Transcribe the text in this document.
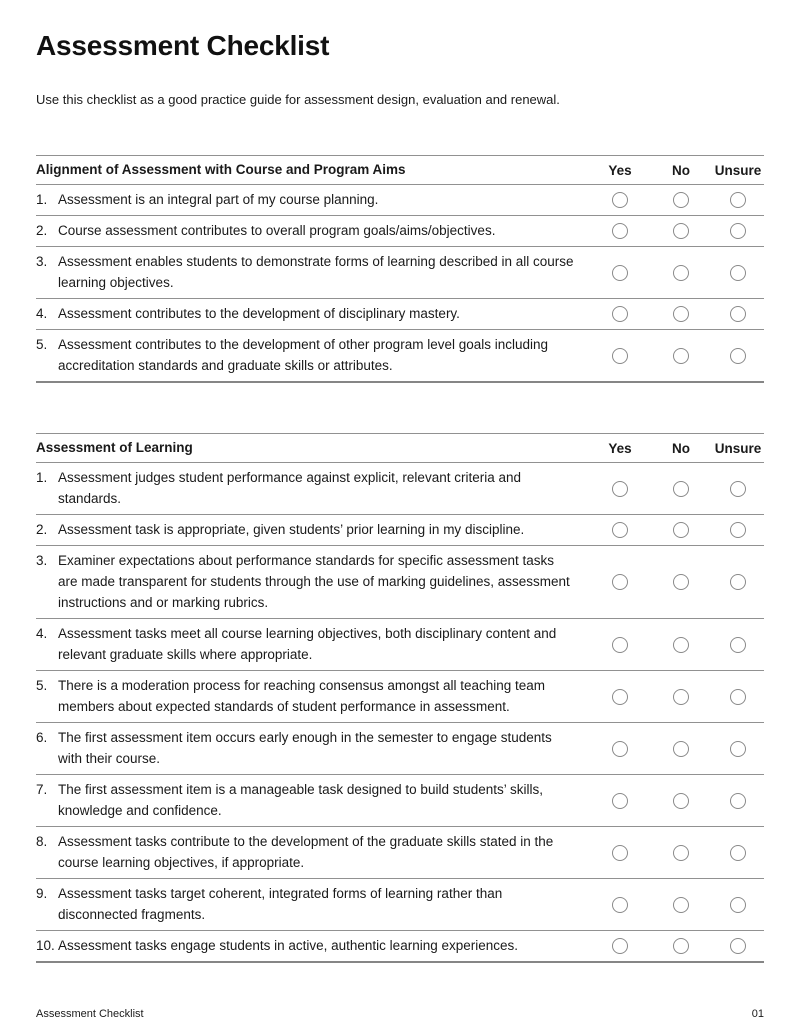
Assessment Checklist

Use this checklist as a good practice guide for assessment design, evaluation and renewal.

Alignment of Assessment with Course and Program Aims	Yes	No	Unsure
1. Assessment is an integral part of my course planning.
2. Course assessment contributes to overall program goals/aims/objectives.
3. Assessment enables students to demonstrate forms of learning described in all course learning objectives.
4. Assessment contributes to the development of disciplinary mastery.
5. Assessment contributes to the development of other program level goals including accreditation standards and graduate skills or attributes.
Assessment of Learning	Yes	No	Unsure
1. Assessment judges student performance against explicit, relevant criteria and standards.
2. Assessment task is appropriate, given students’ prior learning in my discipline.
3. Examiner expectations about performance standards for specific assessment tasks are made transparent for students through the use of marking guidelines, assessment instructions and or marking rubrics.
4. Assessment tasks meet all course learning objectives, both disciplinary content and relevant graduate skills where appropriate.
5. There is a moderation process for reaching consensus amongst all teaching team members about expected standards of student performance in assessment.
6. The first assessment item occurs early enough in the semester to engage students with their course.
7. The first assessment item is a manageable task designed to build students’ skills, knowledge and confidence.
8. Assessment tasks contribute to the development of the graduate skills stated in the course learning objectives, if appropriate.
9. Assessment tasks target coherent, integrated forms of learning rather than disconnected fragments.
10. Assessment tasks engage students in active, authentic learning experiences.
Assessment Checklist	01
